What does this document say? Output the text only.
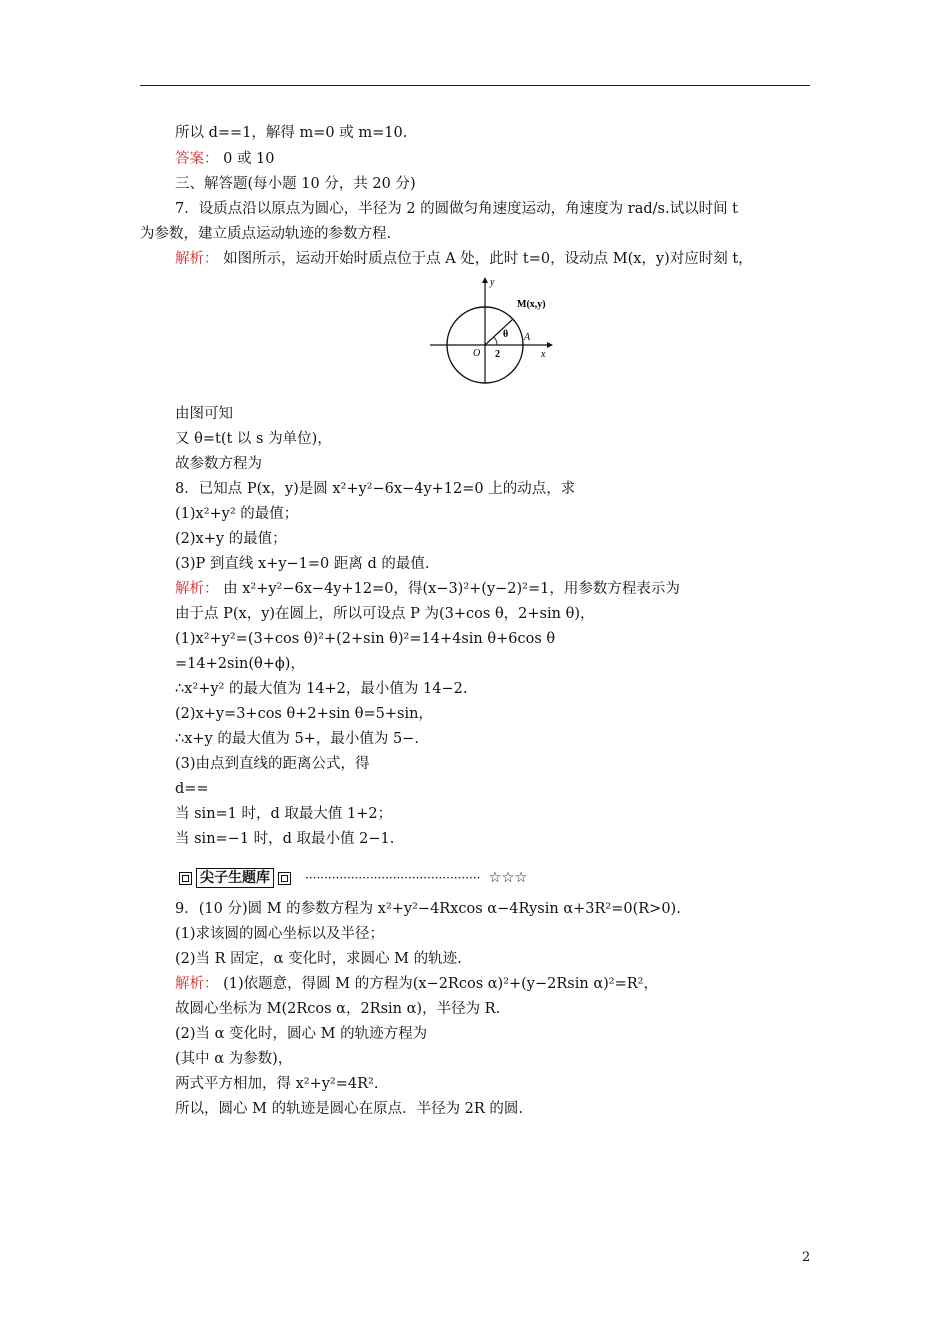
所以 d==1，解得 m=0 或 m=10.
答案： 0 或 10
三、解答题(每小题 10 分，共 20 分)
7．设质点沿以原点为圆心，半径为 2 的圆做匀角速度运动，角速度为 rad/s.试以时间 t
为参数，建立质点运动轨迹的参数方程.
解析： 如图所示，运动开始时质点位于点 A 处，此时 t=0，设动点 M(x，y)对应时刻 t，
由图可知
又 θ=t(t 以 s 为单位)，
故参数方程为
8．已知点 P(x，y)是圆 x²+y²−6x−4y+12=0 上的动点，求
(1)x²+y² 的最值；
(2)x+y 的最值；
(3)P 到直线 x+y−1=0 距离 d 的最值.
解析： 由 x²+y²−6x−4y+12=0，得(x−3)²+(y−2)²=1，用参数方程表示为
由于点 P(x，y)在圆上，所以可设点 P 为(3+cos θ，2+sin θ)，
(1)x²+y²=(3+cos θ)²+(2+sin θ)²=14+4sin θ+6cos θ
=14+2sin(θ+ϕ)，
∴x²+y² 的最大值为 14+2，最小值为 14−2.
(2)x+y=3+cos θ+2+sin θ=5+sin，
∴x+y 的最大值为 5+，最小值为 5−.
(3)由点到直线的距离公式，得
d==
当 sin=1 时，d 取最大值 1+2；
当 sin=−1 时，d 取最小值 2−1.
9．(10 分)圆 M 的参数方程为 x²+y²−4Rxcos α−4Rysin α+3R²=0(R>0).
(1)求该圆的圆心坐标以及半径；
(2)当 R 固定，α 变化时，求圆心 M 的轨迹.
解析： (1)依题意，得圆 M 的方程为(x−2Rcos α)²+(y−2Rsin α)²=R²，
故圆心坐标为 M(2Rcos α，2Rsin α)，半径为 R.
(2)当 α 变化时，圆心 M 的轨迹方程为
(其中 α 为参数)，
两式平方相加，得 x²+y²=4R².
所以，圆心 M 的轨迹是圆心在原点．半径为 2R 的圆.
尖子生题库	·············································· ☆☆☆
y
x
M(x,y)
θ A
O 2
2
